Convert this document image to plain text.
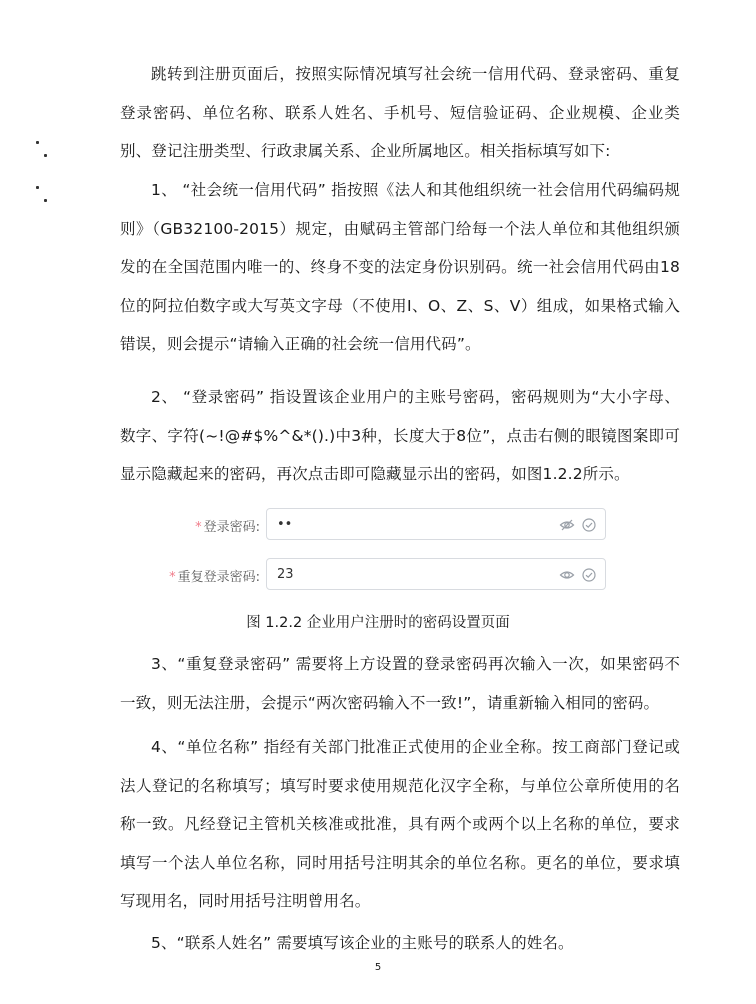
跳转到注册页面后，按照实际情况填写社会统一信用代码、登录密码、重复登录密码、单位名称、联系人姓名、手机号、短信验证码、企业规模、企业类别、登记注册类型、行政隶属关系、企业所属地区。相关指标填写如下:

1、 “社会统一信用代码” 指按照《法人和其他组织统一社会信用代码编码规则》（GB32100-2015）规定，由赋码主管部门给每一个法人单位和其他组织颁发的在全国范围内唯一的、终身不变的法定身份识别码。统一社会信用代码由18位的阿拉伯数字或大写英文字母（不使用I、O、Z、S、V）组成，如果格式输入错误，则会提示“请输入正确的社会统一信用代码”。

2、 “登录密码” 指设置该企业用户的主账号密码，密码规则为“大小字母、数字、字符(~!@#$%^&*().)中3种，长度大于8位”，点击右侧的眼镜图案即可显示隐藏起来的密码，再次点击即可隐藏显示出的密码，如图1.2.2所示。

* 登录密码: ••
* 重复登录密码: 23
图 1.2.2 企业用户注册时的密码设置页面

3、“重复登录密码” 需要将上方设置的登录密码再次输入一次，如果密码不一致，则无法注册，会提示“两次密码输入不一致!”，请重新输入相同的密码。

4、“单位名称” 指经有关部门批准正式使用的企业全称。按工商部门登记或法人登记的名称填写；填写时要求使用规范化汉字全称，与单位公章所使用的名称一致。凡经登记主管机关核准或批准，具有两个或两个以上名称的单位，要求填写一个法人单位名称，同时用括号注明其余的单位名称。更名的单位，要求填写现用名，同时用括号注明曾用名。

5、“联系人姓名” 需要填写该企业的主账号的联系人的姓名。

5
